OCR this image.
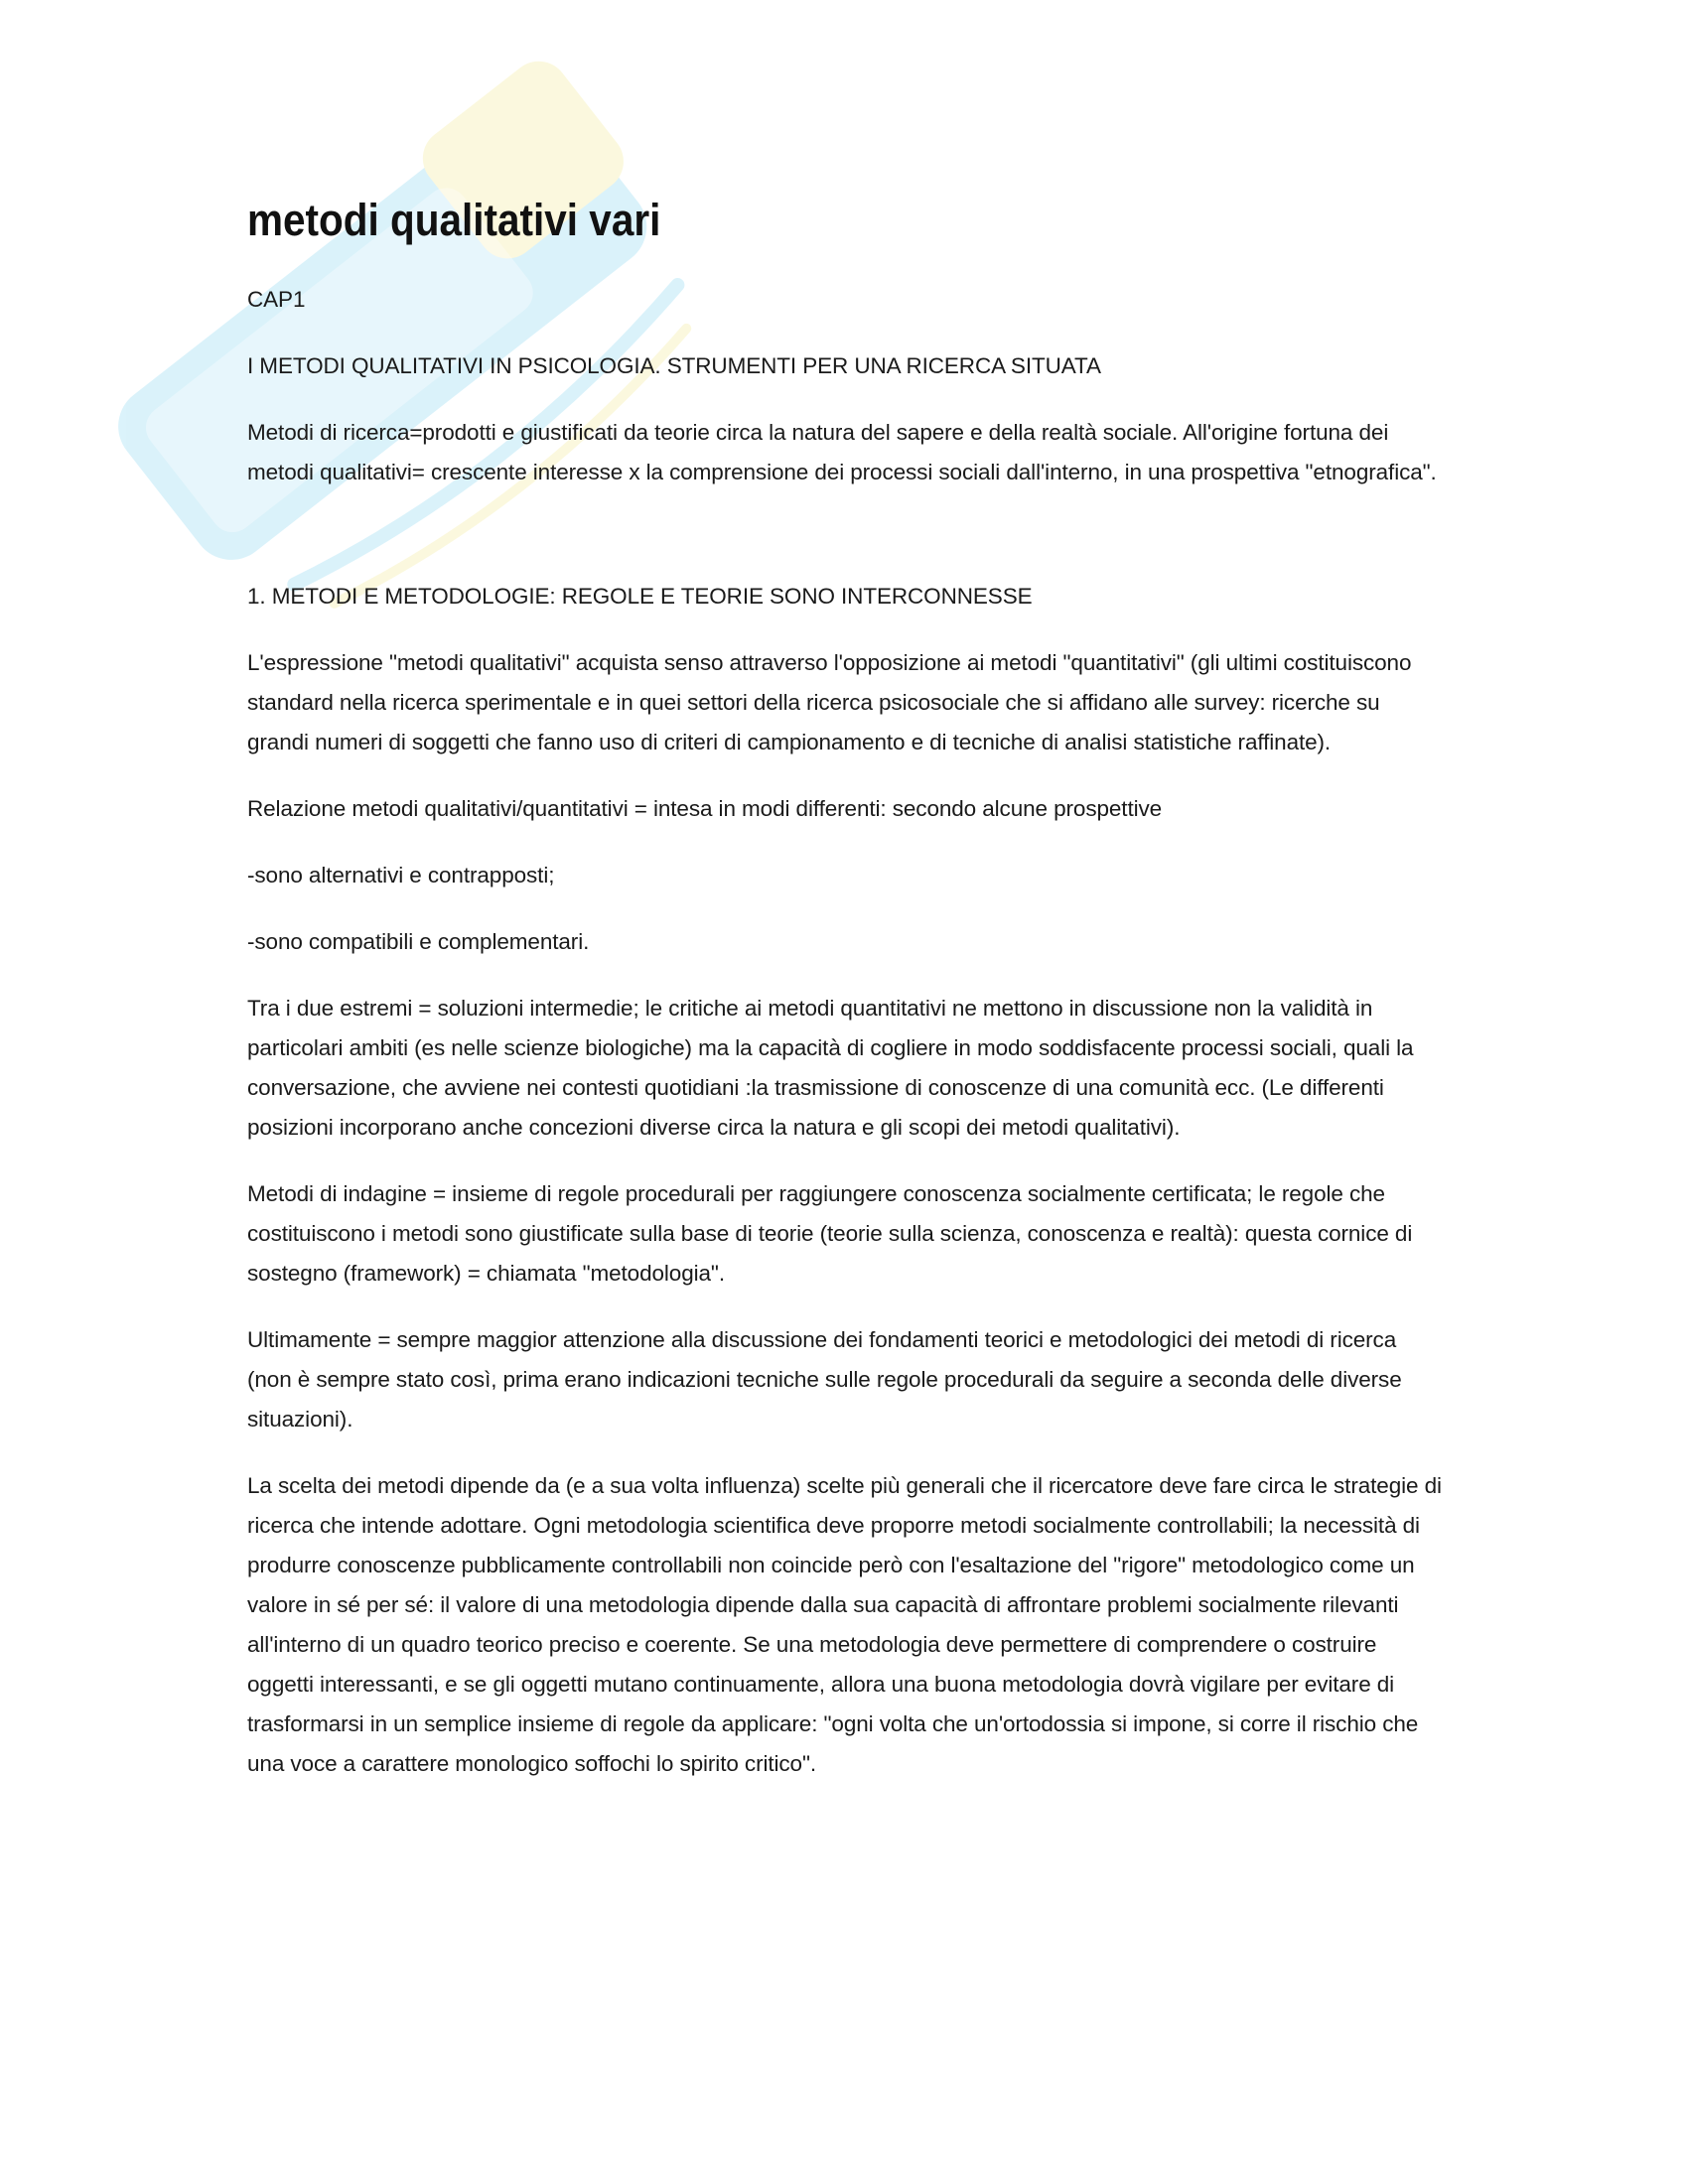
metodi qualitativi vari

CAP1

I METODI QUALITATIVI IN PSICOLOGIA. STRUMENTI PER UNA RICERCA SITUATA

Metodi di ricerca=prodotti e giustificati da teorie circa la natura del sapere e della realtà sociale. All'origine fortuna dei metodi qualitativi= crescente interesse x la comprensione dei processi sociali dall'interno, in una prospettiva "etnografica".

1. METODI E METODOLOGIE: REGOLE E TEORIE SONO INTERCONNESSE

L'espressione "metodi qualitativi" acquista senso attraverso l'opposizione ai metodi "quantitativi" (gli ultimi costituiscono standard nella ricerca sperimentale e in quei settori della ricerca psicosociale che si affidano alle survey: ricerche su grandi numeri di soggetti che fanno uso di criteri di campionamento e di tecniche di analisi statistiche raffinate).

Relazione metodi qualitativi/quantitativi = intesa in modi differenti: secondo alcune prospettive

-sono alternativi e contrapposti;

-sono compatibili e complementari.

Tra i due estremi = soluzioni intermedie; le critiche ai metodi quantitativi ne mettono in discussione non la validità in particolari ambiti (es nelle scienze biologiche) ma la capacità di cogliere in modo soddisfacente processi sociali, quali la conversazione, che avviene nei contesti quotidiani :la trasmissione di conoscenze di una comunità ecc. (Le differenti posizioni incorporano anche concezioni diverse circa la natura e gli scopi dei metodi qualitativi).

Metodi di indagine = insieme di regole procedurali per raggiungere conoscenza socialmente certificata; le regole che costituiscono i metodi sono giustificate sulla base di teorie (teorie sulla scienza, conoscenza e realtà): questa cornice di sostegno (framework) = chiamata "metodologia".

Ultimamente = sempre maggior attenzione alla discussione dei fondamenti teorici e metodologici dei metodi di ricerca (non è sempre stato così, prima erano indicazioni tecniche sulle regole procedurali da seguire a seconda delle diverse situazioni).

La scelta dei metodi dipende da (e a sua volta influenza) scelte più generali che il ricercatore deve fare circa le strategie di ricerca che intende adottare. Ogni metodologia scientifica deve proporre metodi socialmente controllabili; la necessità di produrre conoscenze pubblicamente controllabili non coincide però con l'esaltazione del "rigore" metodologico come un valore in sé per sé: il valore di una metodologia dipende dalla sua capacità di affrontare problemi socialmente rilevanti all'interno di un quadro teorico preciso e coerente. Se una metodologia deve permettere di comprendere o costruire oggetti interessanti, e se gli oggetti mutano continuamente, allora una buona metodologia dovrà vigilare per evitare di trasformarsi in un semplice insieme di regole da applicare: "ogni volta che un'ortodossia si impone, si corre il rischio che una voce a carattere monologico soffochi lo spirito critico".
